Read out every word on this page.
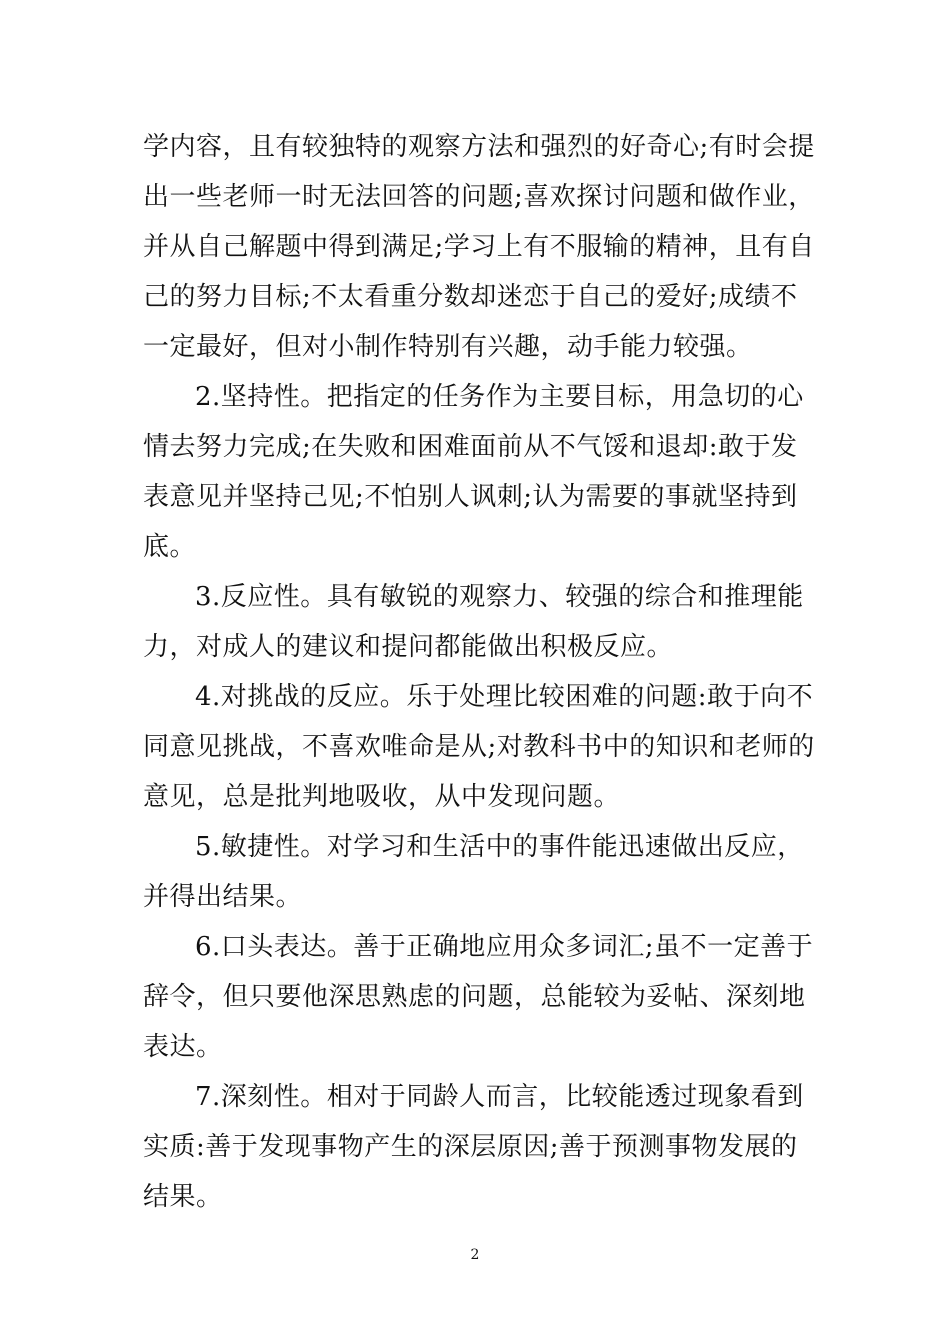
学内容，且有较独特的观察方法和强烈的好奇心;有时会提
出一些老师一时无法回答的问题;喜欢探讨问题和做作业，
并从自己解题中得到满足;学习上有不服输的精神，且有自
己的努力目标;不太看重分数却迷恋于自己的爱好;成绩不
一定最好，但对小制作特别有兴趣，动手能力较强。
2.坚持性。把指定的任务作为主要目标，用急切的心
情去努力完成;在失败和困难面前从不气馁和退却:敢于发
表意见并坚持己见;不怕别人讽刺;认为需要的事就坚持到
底。
3.反应性。具有敏锐的观察力、较强的综合和推理能
力，对成人的建议和提问都能做出积极反应。
4.对挑战的反应。乐于处理比较困难的问题:敢于向不
同意见挑战，不喜欢唯命是从;对教科书中的知识和老师的
意见，总是批判地吸收，从中发现问题。
5.敏捷性。对学习和生活中的事件能迅速做出反应，
并得出结果。
6.口头表达。善于正确地应用众多词汇;虽不一定善于
辞令，但只要他深思熟虑的问题，总能较为妥帖、深刻地
表达。
7.深刻性。相对于同龄人而言，比较能透过现象看到
实质:善于发现事物产生的深层原因;善于预测事物发展的
结果。
2
